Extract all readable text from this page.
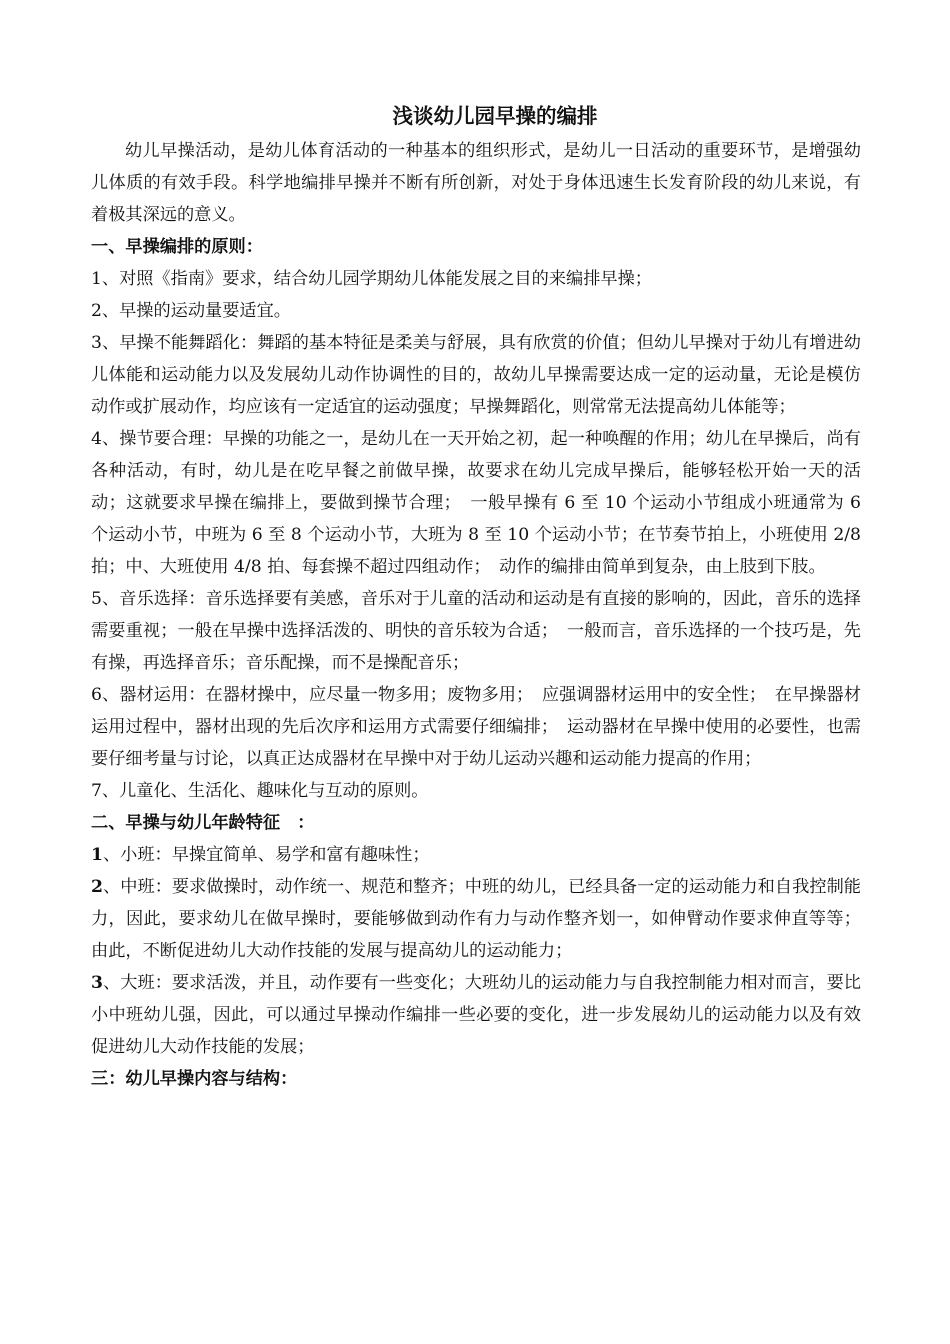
浅谈幼儿园早操的编排

幼儿早操活动，是幼儿体育活动的一种基本的组织形式，是幼儿一日活动的重要环节，是增强幼儿体质的有效手段。科学地编排早操并不断有所创新，对处于身体迅速生长发育阶段的幼儿来说，有着极其深远的意义。

一、早操编排的原则：

1、对照《指南》要求，结合幼儿园学期幼儿体能发展之目的来编排早操；

2、早操的运动量要适宜。

3、早操不能舞蹈化：舞蹈的基本特征是柔美与舒展，具有欣赏的价值；但幼儿早操对于幼儿有增进幼儿体能和运动能力以及发展幼儿动作协调性的目的，故幼儿早操需要达成一定的运动量，无论是模仿动作或扩展动作，均应该有一定适宜的运动强度；早操舞蹈化，则常常无法提高幼儿体能等；

4、操节要合理：早操的功能之一，是幼儿在一天开始之初，起一种唤醒的作用；幼儿在早操后，尚有各种活动，有时，幼儿是在吃早餐之前做早操，故要求在幼儿完成早操后，能够轻松开始一天的活动；这就要求早操在编排上，要做到操节合理；　一般早操有 6 至 10 个运动小节组成小班通常为 6 个运动小节，中班为 6 至 8 个运动小节，大班为 8 至 10 个运动小节；在节奏节拍上，小班使用 2/8 拍；中、大班使用 4/8 拍、每套操不超过四组动作；　动作的编排由简单到复杂，由上肢到下肢。

5、音乐选择：音乐选择要有美感，音乐对于儿童的活动和运动是有直接的影响的，因此，音乐的选择需要重视；一般在早操中选择活泼的、明快的音乐较为合适；　一般而言，音乐选择的一个技巧是，先有操，再选择音乐；音乐配操，而不是操配音乐；

6、器材运用：在器材操中，应尽量一物多用；废物多用；　应强调器材运用中的安全性；　在早操器材运用过程中，器材出现的先后次序和运用方式需要仔细编排；　运动器材在早操中使用的必要性，也需要仔细考量与讨论，以真正达成器材在早操中对于幼儿运动兴趣和运动能力提高的作用；

7、儿童化、生活化、趣味化与互动的原则。

二、早操与幼儿年龄特征　：

1、小班：早操宜简单、易学和富有趣味性；

2、中班：要求做操时，动作统一、规范和整齐；中班的幼儿，已经具备一定的运动能力和自我控制能力，因此，要求幼儿在做早操时，要能够做到动作有力与动作整齐划一，如伸臂动作要求伸直等等；由此，不断促进幼儿大动作技能的发展与提高幼儿的运动能力；

3、大班：要求活泼，并且，动作要有一些变化；大班幼儿的运动能力与自我控制能力相对而言，要比小中班幼儿强，因此，可以通过早操动作编排一些必要的变化，进一步发展幼儿的运动能力以及有效促进幼儿大动作技能的发展；

三：幼儿早操内容与结构：
